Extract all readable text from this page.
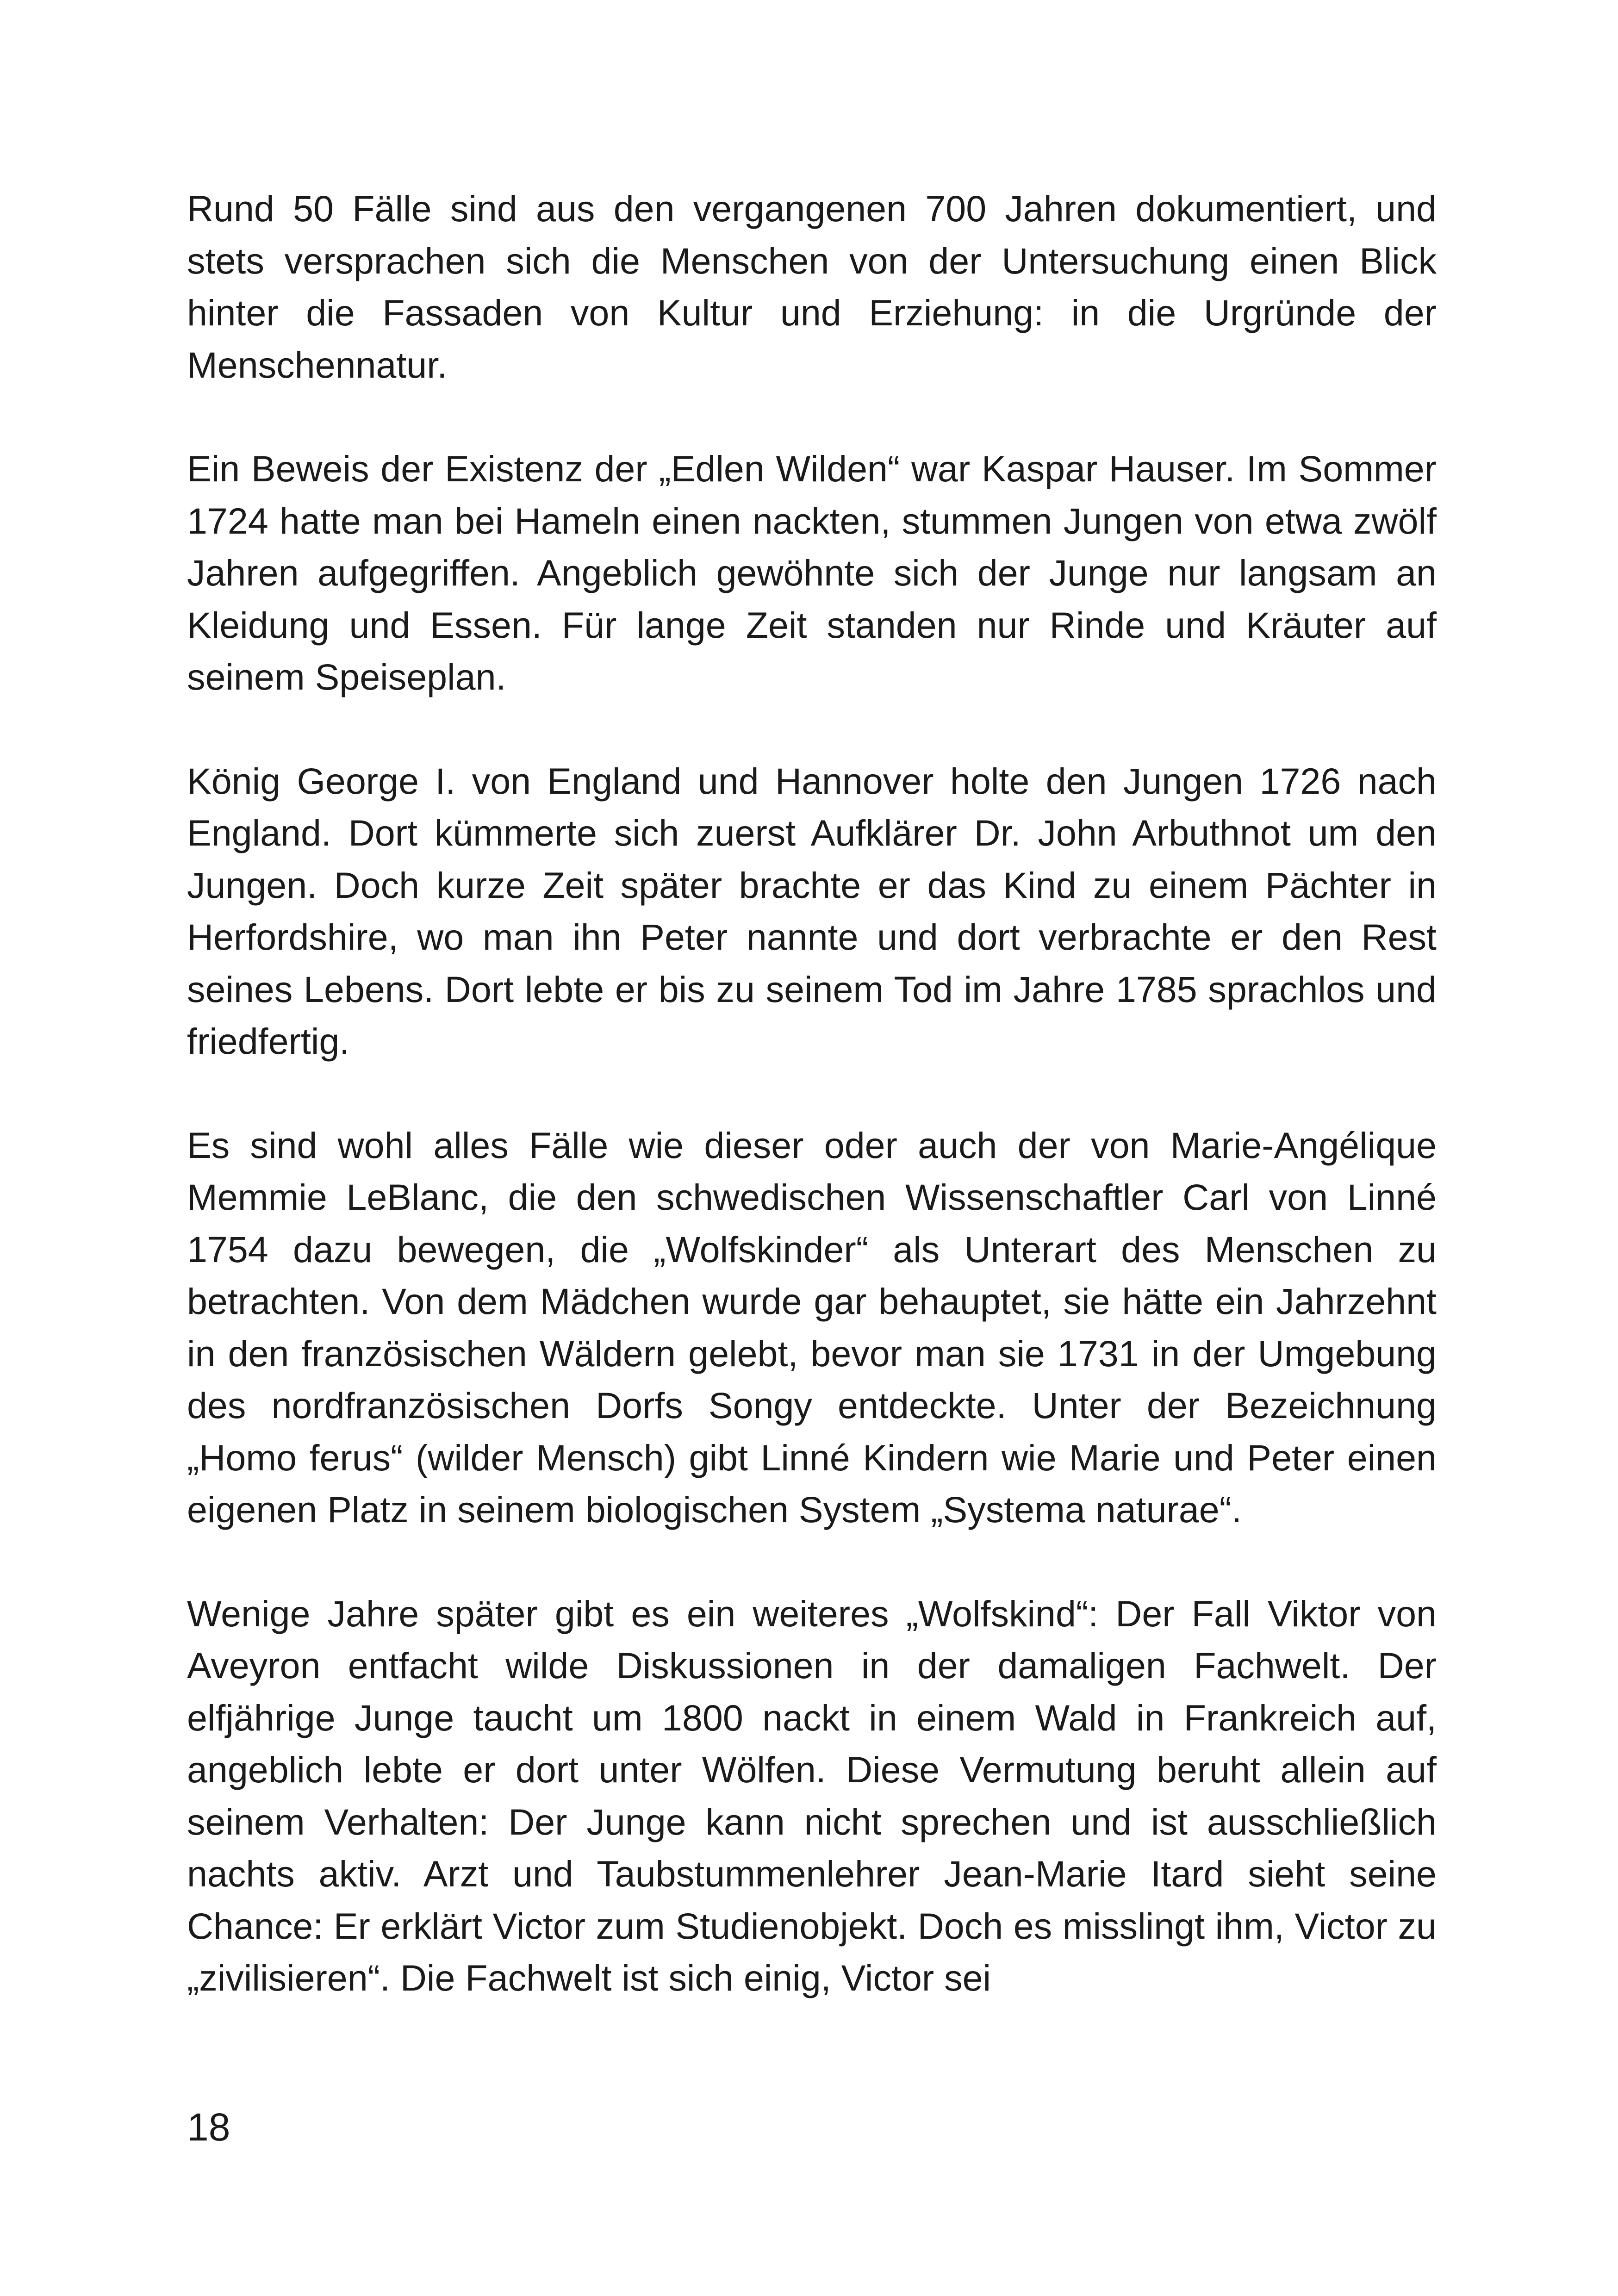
Rund 50 Fälle sind aus den vergangenen 700 Jahren dokumentiert, und stets versprachen sich die Menschen von der Untersuchung einen Blick hinter die Fassaden von Kultur und Erziehung: in die Urgründe der Menschennatur.

Ein Beweis der Existenz der „Edlen Wilden“ war Kaspar Hauser. Im Sommer 1724 hatte man bei Hameln einen nackten, stummen Jungen von etwa zwölf Jahren aufgegriffen. Angeblich gewöhnte sich der Junge nur langsam an Kleidung und Essen. Für lange Zeit standen nur Rinde und Kräuter auf seinem Speiseplan.

König George I. von England und Hannover holte den Jungen 1726 nach England. Dort kümmerte sich zuerst Aufklärer Dr. John Arbuthnot um den Jungen. Doch kurze Zeit später brachte er das Kind zu einem Pächter in Herfordshire, wo man ihn Peter nannte und dort verbrachte er den Rest seines Lebens. Dort lebte er bis zu seinem Tod im Jahre 1785 sprachlos und friedfertig.

Es sind wohl alles Fälle wie dieser oder auch der von Marie-Angélique Memmie LeBlanc, die den schwedischen Wissenschaftler Carl von Linné 1754 dazu bewegen, die „Wolfskinder“ als Unterart des Menschen zu betrachten. Von dem Mädchen wurde gar behauptet, sie hätte ein Jahrzehnt in den französischen Wäldern gelebt, bevor man sie 1731 in der Umgebung des nordfranzösischen Dorfs Songy entdeckte. Unter der Bezeichnung „Homo ferus“ (wilder Mensch) gibt Linné Kindern wie Marie und Peter einen eigenen Platz in seinem biologischen System „Systema naturae“.

Wenige Jahre später gibt es ein weiteres „Wolfskind“: Der Fall Viktor von Aveyron entfacht wilde Diskussionen in der damaligen Fachwelt. Der elfjährige Junge taucht um 1800 nackt in einem Wald in Frankreich auf, angeblich lebte er dort unter Wölfen. Diese Vermutung beruht allein auf seinem Verhalten: Der Junge kann nicht sprechen und ist ausschließlich nachts aktiv. Arzt und Taubstummenlehrer Jean-Marie Itard sieht seine Chance: Er erklärt Victor zum Studienobjekt. Doch es misslingt ihm, Victor zu „zivilisieren“. Die Fachwelt ist sich einig, Victor sei

18
